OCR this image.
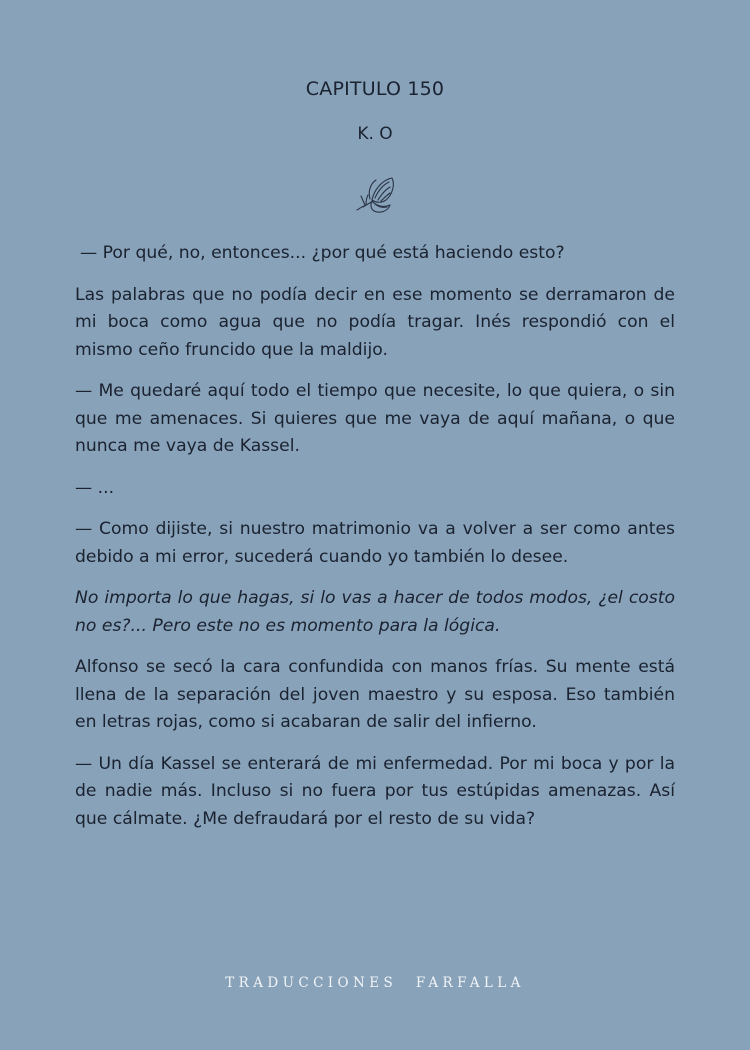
CAPITULO 150
K. O

— Por qué, no, entonces... ¿por qué está haciendo esto?

Las palabras que no podía decir en ese momento se derramaron de mi boca como agua que no podía tragar. Inés respondió con el mismo ceño fruncido que la maldijo.

— Me quedaré aquí todo el tiempo que necesite, lo que quiera, o sin que me amenaces. Si quieres que me vaya de aquí mañana, o que nunca me vaya de Kassel.

— ...

— Como dijiste, si nuestro matrimonio va a volver a ser como antes debido a mi error, sucederá cuando yo también lo desee.

No importa lo que hagas, si lo vas a hacer de todos modos, ¿el costo no es?... Pero este no es momento para la lógica.

Alfonso se secó la cara confundida con manos frías. Su mente está llena de la separación del joven maestro y su esposa. Eso también en letras rojas, como si acabaran de salir del infierno.

— Un día Kassel se enterará de mi enfermedad. Por mi boca y por la de nadie más. Incluso si no fuera por tus estúpidas amenazas. Así que cálmate. ¿Me defraudará por el resto de su vida?

TRADUCCIONES FARFALLA
